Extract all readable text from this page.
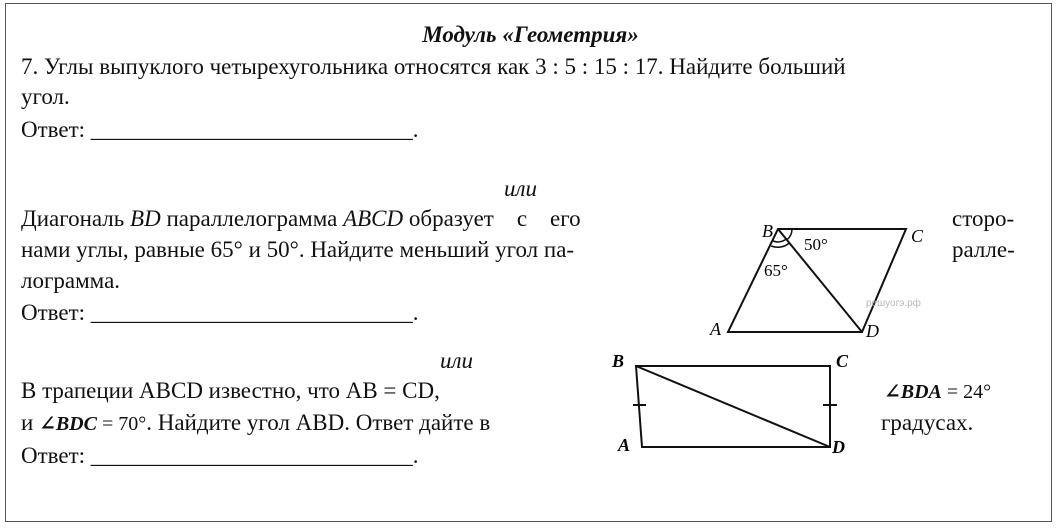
Модуль «Геометрия»
7. Углы выпуклого четырехугольника относятся как 3 : 5 : 15 : 17. Найдите больший
угол.
Ответ: ____________________________.
или
Диагональ BD параллелограмма ABCD образует    с    его	сторо-
нами углы, равные 65° и 50°. Найдите меньший угол па-	ралле-
лограмма.
Ответ: ____________________________.
B	C
A	D
50°
65°
решуогэ.рф
или
В трапеции ABCD известно, что AB = CD,	∠BDA = 24°
и ∠BDC = 70°. Найдите угол ABD. Ответ дайте в	градусах.
Ответ: ____________________________.
B	C
A	D
